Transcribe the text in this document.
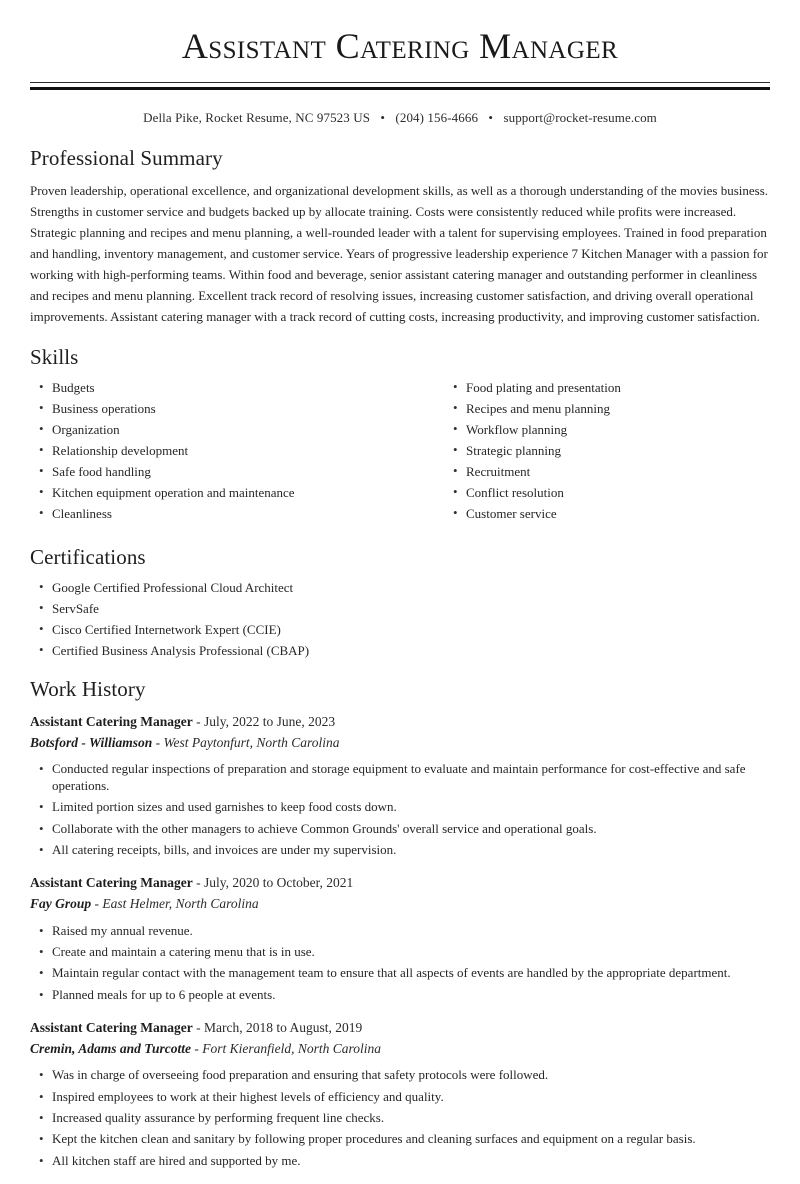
Assistant Catering Manager
Della Pike, Rocket Resume, NC 97523 US • (204) 156-4666 • support@rocket-resume.com
Professional Summary

Proven leadership, operational excellence, and organizational development skills, as well as a thorough understanding of the movies business. Strengths in customer service and budgets backed up by allocate training. Costs were consistently reduced while profits were increased. Strategic planning and recipes and menu planning, a well-rounded leader with a talent for supervising employees. Trained in food preparation and handling, inventory management, and customer service. Years of progressive leadership experience 7 Kitchen Manager with a passion for working with high-performing teams. Within food and beverage, senior assistant catering manager and outstanding performer in cleanliness and recipes and menu planning. Excellent track record of resolving issues, increasing customer satisfaction, and driving overall operational improvements. Assistant catering manager with a track record of cutting costs, increasing productivity, and improving customer satisfaction.

Skills
• Budgets
• Business operations
• Organization
• Relationship development
• Safe food handling
• Kitchen equipment operation and maintenance
• Cleanliness
• Food plating and presentation
• Recipes and menu planning
• Workflow planning
• Strategic planning
• Recruitment
• Conflict resolution
• Customer service
Certifications
• Google Certified Professional Cloud Architect
• ServSafe
• Cisco Certified Internetwork Expert (CCIE)
• Certified Business Analysis Professional (CBAP)
Work History
Assistant Catering Manager - July, 2022 to June, 2023
Botsford - Williamson - West Paytonfurt, North Carolina
• Conducted regular inspections of preparation and storage equipment to evaluate and maintain performance for cost-effective and safe operations.
• Limited portion sizes and used garnishes to keep food costs down.
• Collaborate with the other managers to achieve Common Grounds' overall service and operational goals.
• All catering receipts, bills, and invoices are under my supervision.
Assistant Catering Manager - July, 2020 to October, 2021
Fay Group - East Helmer, North Carolina
• Raised my annual revenue.
• Create and maintain a catering menu that is in use.
• Maintain regular contact with the management team to ensure that all aspects of events are handled by the appropriate department.
• Planned meals for up to 6 people at events.
Assistant Catering Manager - March, 2018 to August, 2019
Cremin, Adams and Turcotte - Fort Kieranfield, North Carolina
• Was in charge of overseeing food preparation and ensuring that safety protocols were followed.
• Inspired employees to work at their highest levels of efficiency and quality.
• Increased quality assurance by performing frequent line checks.
• Kept the kitchen clean and sanitary by following proper procedures and cleaning surfaces and equipment on a regular basis.
• All kitchen staff are hired and supported by me.
